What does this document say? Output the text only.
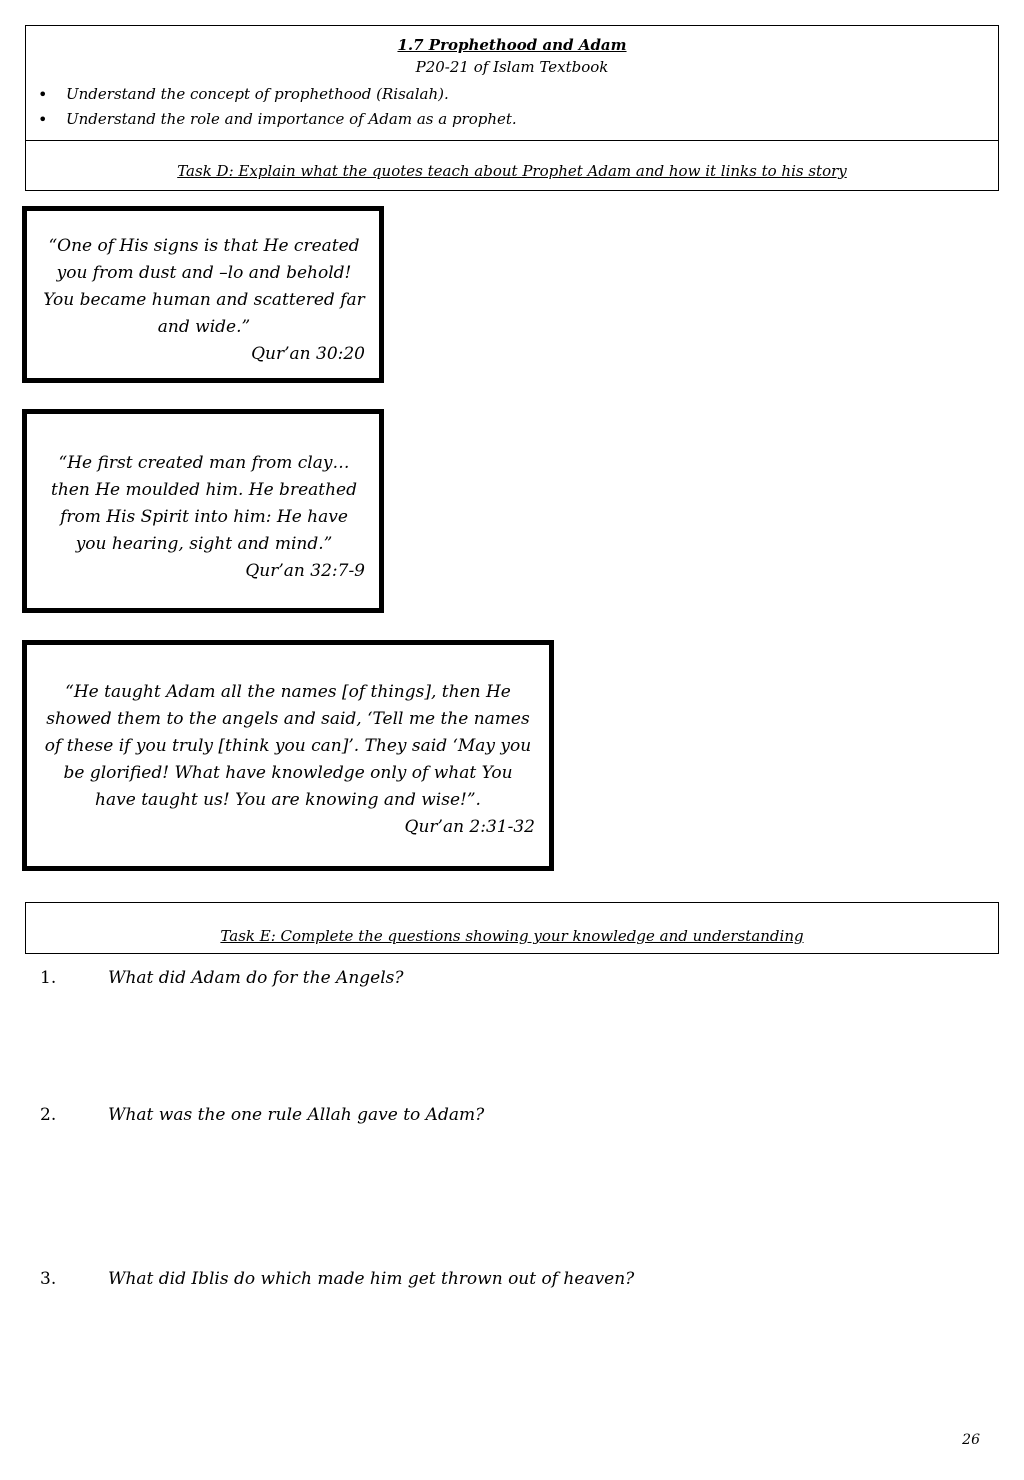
1.7 Prophethood and Adam
P20-21 of Islam Textbook
• Understand the concept of prophethood (Risalah).
• Understand the role and importance of Adam as a prophet.
Task D: Explain what the quotes teach about Prophet Adam and how it links to his story
“One of His signs is that He created you from dust and –lo and behold! You became human and scattered far and wide.”
Qur’an 30:20
“He first created man from clay… then He moulded him. He breathed from His Spirit into him: He have you hearing, sight and mind.”
Qur’an 32:7-9
“He taught Adam all the names [of things], then He showed them to the angels and said, ‘Tell me the names of these if you truly [think you can]’. They said ‘May you be glorified! What have knowledge only of what You have taught us! You are knowing and wise!”.
Qur’an 2:31-32
Task E: Complete the questions showing your knowledge and understanding
1.	What did Adam do for the Angels?
2.	What was the one rule Allah gave to Adam?
3.	What did Iblis do which made him get thrown out of heaven?
26
